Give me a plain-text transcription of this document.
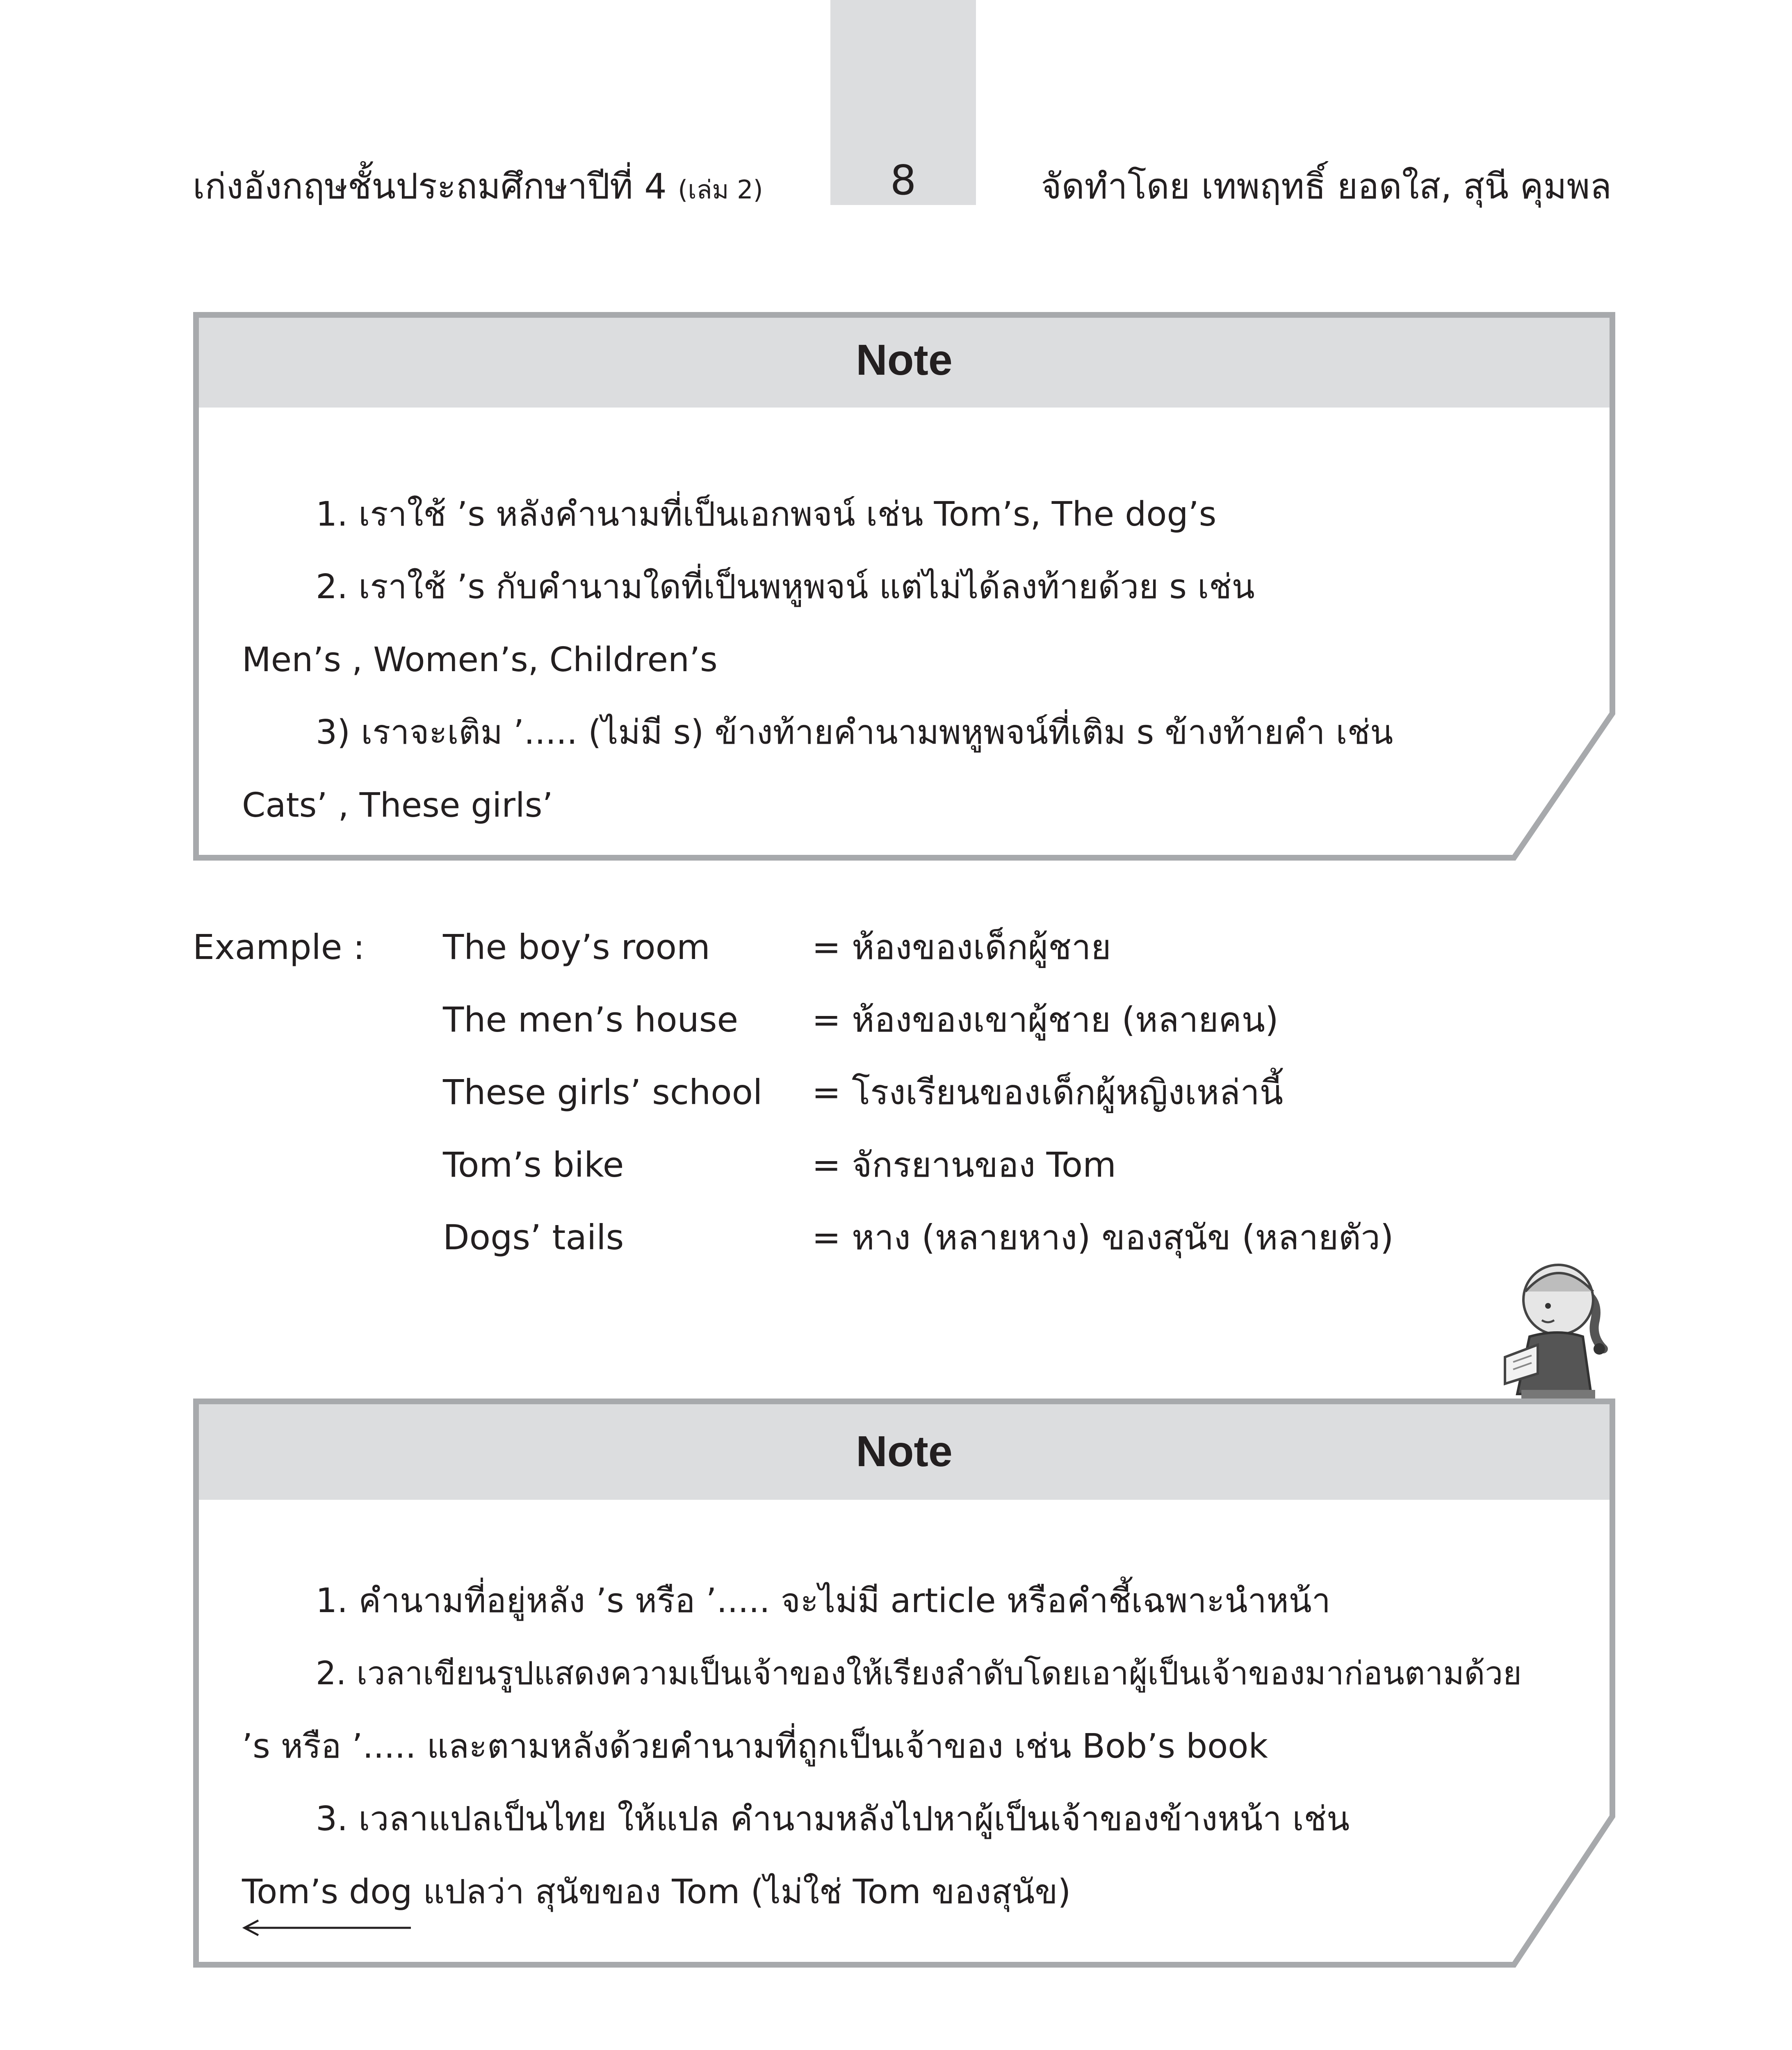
8
เก่งอังกฤษชั้นประถมศึกษาปีที่ 4 (เล่ม 2)	จัดทำโดย เทพฤทธิ์ ยอดใส, สุนี คุมพล
Note
1. เราใช้ ’s หลังคำนามที่เป็นเอกพจน์ เช่น Tom’s, The dog’s
2. เราใช้ ’s กับคำนามใดที่เป็นพหูพจน์ แต่ไม่ได้ลงท้ายด้วย s เช่น
Men’s , Women’s, Children’s
3) เราจะเติม ’..... (ไม่มี s) ข้างท้ายคำนามพหูพจน์ที่เติม s ข้างท้ายคำ เช่น
Cats’ , These girls’
Example : The boy’s room	= ห้องของเด็กผู้ชาย
The men’s house = ห้องของเขาผู้ชาย (หลายคน)
These girls’ school = โรงเรียนของเด็กผู้หญิงเหล่านี้
Tom’s bike	= จักรยานของ Tom
Dogs’ tails	= หาง (หลายหาง) ของสุนัข (หลายตัว)
Note
1. คำนามที่อยู่หลัง ’s หรือ ’..... จะไม่มี article หรือคำชี้เฉพาะนำหน้า
2. เวลาเขียนรูปแสดงความเป็นเจ้าของให้เรียงลำดับโดยเอาผู้เป็นเจ้าของมาก่อนตามด้วย
’s หรือ ’..... และตามหลังด้วยคำนามที่ถูกเป็นเจ้าของ เช่น Bob’s book
3. เวลาแปลเป็นไทย ให้แปล คำนามหลังไปหาผู้เป็นเจ้าของข้างหน้า เช่น
Tom’s dog แปลว่า สุนัขของ Tom (ไม่ใช่ Tom ของสุนัข)
